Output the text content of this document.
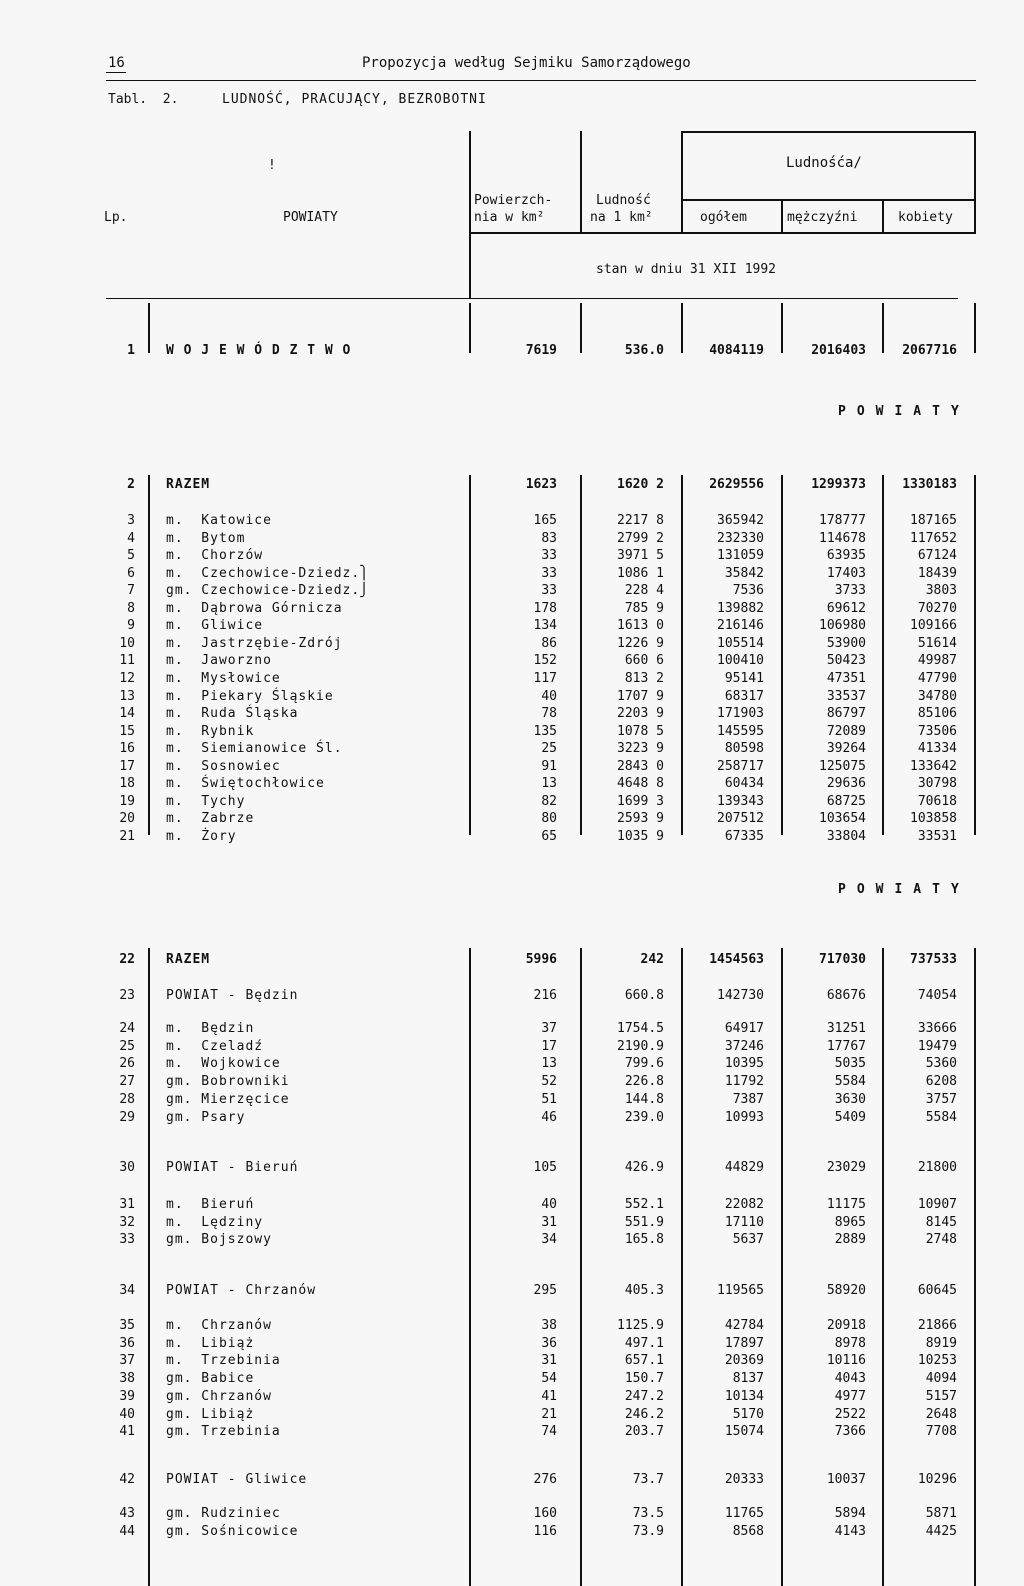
16	Propozycja według Sejmiku Samorządowego
Tabl.  2.	LUDNOŚĆ, PRACUJĄCY, BEZROBOTNI
!
Lp.	POWIATY
Powierzch-
nia w km²
Ludność
na 1 km²
Ludnośća/
ogółem	mężczyźni	kobiety
stan w dniu 31 XII 1992
1 W O J E W Ó D Z T W O	7619	536.0	4084119	2016403	2067716
POWIATY
2 RAZEM	1623	1620 2	2629556	1299373	1330183
3 m.  Katowice	165	2217 8	365942	178777	187165
4 m.  Bytom	83	2799 2	232330	114678	117652
5 m.  Chorzów	33	3971 5	131059	63935	67124
6 m.  Czechowice-Dziedz.⎫	33	1086 1	35842	17403	18439
7 gm. Czechowice-Dziedz.⎭	33	228 4	7536	3733	3803
8 m.  Dąbrowa Górnicza	178	785 9	139882	69612	70270
9 m.  Gliwice	134	1613 0	216146	106980	109166
10 m.  Jastrzębie-Zdrój	86	1226 9	105514	53900	51614
11 m.  Jaworzno	152	660 6	100410	50423	49987
12 m.  Mysłowice	117	813 2	95141	47351	47790
13 m.  Piekary Śląskie	40	1707 9	68317	33537	34780
14 m.  Ruda Śląska	78	2203 9	171903	86797	85106
15 m.  Rybnik	135	1078 5	145595	72089	73506
16 m.  Siemianowice Śl.	25	3223 9	80598	39264	41334
17 m.  Sosnowiec	91	2843 0	258717	125075	133642
18 m.  Świętochłowice	13	4648 8	60434	29636	30798
19 m.  Tychy	82	1699 3	139343	68725	70618
20 m.  Zabrze	80	2593 9	207512	103654	103858
21 m.  Żory	65	1035 9	67335	33804	33531
POWIATY
22 RAZEM	5996	242	1454563	717030	737533
23 POWIAT - Będzin	216	660.8	142730	68676	74054
24 m.  Będzin	37	1754.5	64917	31251	33666
25 m.  Czeladź	17	2190.9	37246	17767	19479
26 m.  Wojkowice	13	799.6	10395	5035	5360
27 gm. Bobrowniki	52	226.8	11792	5584	6208
28 gm. Mierzęcice	51	144.8	7387	3630	3757
29 gm. Psary	46	239.0	10993	5409	5584
30 POWIAT - Bieruń	105	426.9	44829	23029	21800
31 m.  Bieruń	40	552.1	22082	11175	10907
32 m.  Lędziny	31	551.9	17110	8965	8145
33 gm. Bojszowy	34	165.8	5637	2889	2748
34 POWIAT - Chrzanów	295	405.3	119565	58920	60645
35 m.  Chrzanów	38	1125.9	42784	20918	21866
36 m.  Libiąż	36	497.1	17897	8978	8919
37 m.  Trzebinia	31	657.1	20369	10116	10253
38 gm. Babice	54	150.7	8137	4043	4094
39 gm. Chrzanów	41	247.2	10134	4977	5157
40 gm. Libiąż	21	246.2	5170	2522	2648
41 gm. Trzebinia	74	203.7	15074	7366	7708
42 POWIAT - Gliwice	276	73.7	20333	10037	10296
43 gm. Rudziniec	160	73.5	11765	5894	5871
44 gm. Sośnicowice	116	73.9	8568	4143	4425
